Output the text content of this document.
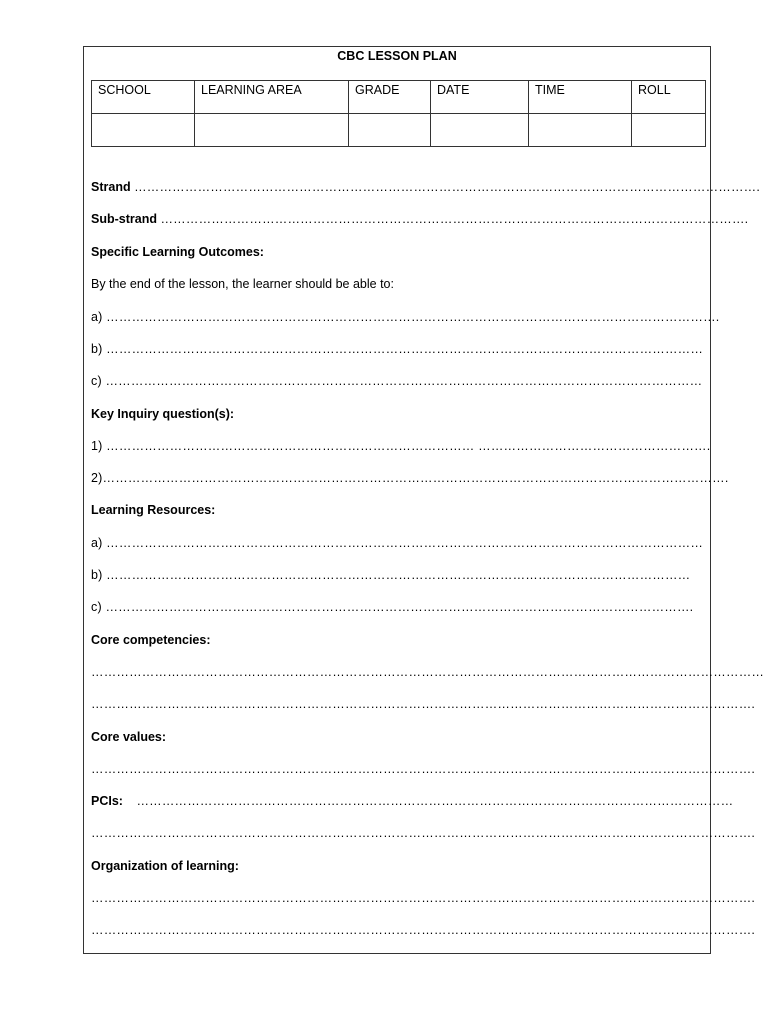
CBC LESSON PLAN
SCHOOL	LEARNING AREA	GRADE	DATE	TIME	ROLL

Strand ………………………………………………………………………………………………………………………………….
Sub-strand ………………………………………………………………………………………………………………………….
Specific Learning Outcomes:
By the end of the lesson, the learner should be able to:
a) ……………………………………………………………………………………………………………………………….
b) ……………………………………………………………………………………………………………………………
c) ……………………………………………………………………………………………………………………………
Key Inquiry question(s):
1) …………………………………………………………………………… ……………………………………………….
2)………………………………………………………………………………………………………………………………….
Learning Resources:
a) ……………………………………………………………………………………………………………………………
b) …………………………………………………………………………………………………………………………
c) ………………………………………………………………………………………………………………………….
Core competencies:
……………………………………………………………………………………………………………………………………………
………………………………………………………………………………………………………………………………………….
Core values:
………………………………………………………………………………………………………………………………………….
PCIs: ……………………………………………………………………………………………………………………………
………………………………………………………………………………………………………………………………………….
Organization of learning:
………………………………………………………………………………………………………………………………………….
………………………………………………………………………………………………………………………………………….
